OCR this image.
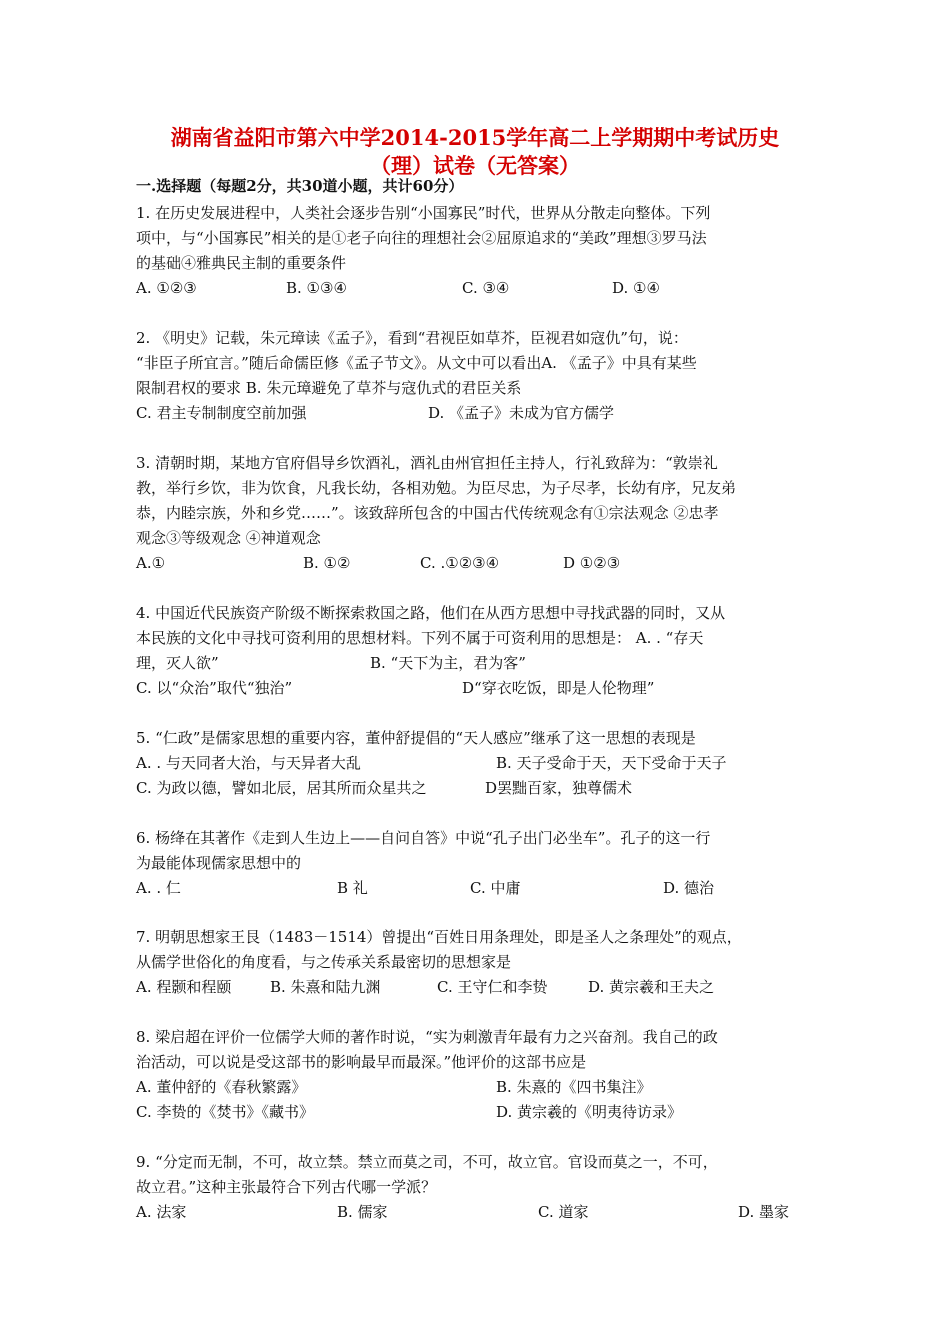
湖南省益阳市第六中学2014-2015学年高二上学期期中考试历史
（理）试卷（无答案）
一.选择题（每题2分，共30道小题，共计60分）
1. 在历史发展进程中，人类社会逐步告别“小国寡民”时代，世界从分散走向整体。下列
项中，与“小国寡民”相关的是①老子向往的理想社会②屈原追求的“美政”理想③罗马法
的基础④雅典民主制的重要条件
A. ①②③	B. ①③④	C. ③④	D. ①④
2. 《明史》记载，朱元璋读《孟子》，看到“君视臣如草芥，臣视君如寇仇”句，说：
“非臣子所宜言。”随后命儒臣修《孟子节文》。从文中可以看出A. 《孟子》中具有某些
限制君权的要求 B. 朱元璋避免了草芥与寇仇式的君臣关系
C. 君主专制制度空前加强	D. 《孟子》未成为官方儒学
3. 清朝时期，某地方官府倡导乡饮酒礼，酒礼由州官担任主持人，行礼致辞为：“敦崇礼
教，举行乡饮，非为饮食，凡我长幼，各相劝勉。为臣尽忠，为子尽孝，长幼有序，兄友弟
恭，内睦宗族，外和乡党……”。该致辞所包含的中国古代传统观念有①宗法观念 ②忠孝
观念③等级观念 ④神道观念
A.①	B. ①②	C. .①②③④	D ①②③
4. 中国近代民族资产阶级不断探索救国之路，他们在从西方思想中寻找武器的同时，又从
本民族的文化中寻找可资利用的思想材料。下列不属于可资利用的思想是： A. . “存天
理，灭人欲”	B. “天下为主，君为客”
C. 以“众治”取代“独治”	D“穿衣吃饭，即是人伦物理”
5. “仁政”是儒家思想的重要内容，董仲舒提倡的“天人感应”继承了这一思想的表现是
A. . 与天同者大治，与天异者大乱	B. 天子受命于天，天下受命于天子
C. 为政以德，譬如北辰，居其所而众星共之	D罢黜百家，独尊儒术
6. 杨绛在其著作《走到人生边上——自问自答》中说“孔子出门必坐车”。孔子的这一行
为最能体现儒家思想中的
A. . 仁	B 礼	C. 中庸	D. 德治
7. 明朝思想家王艮（1483－1514）曾提出“百姓日用条理处，即是圣人之条理处”的观点，
从儒学世俗化的角度看，与之传承关系最密切的思想家是
A. 程颢和程颐	B. 朱熹和陆九渊	C. 王守仁和李贽	D. 黄宗羲和王夫之
8. 梁启超在评价一位儒学大师的著作时说，“实为刺激青年最有力之兴奋剂。我自己的政
治活动，可以说是受这部书的影响最早而最深。”他评价的这部书应是
A. 董仲舒的《春秋繁露》	B. 朱熹的《四书集注》
C. 李贽的《焚书》《藏书》	D. 黄宗羲的《明夷待访录》
9. “分定而无制，不可，故立禁。禁立而莫之司，不可，故立官。官设而莫之一，不可，
故立君。”这种主张最符合下列古代哪一学派？
A. 法家	B. 儒家	C. 道家	D. 墨家
